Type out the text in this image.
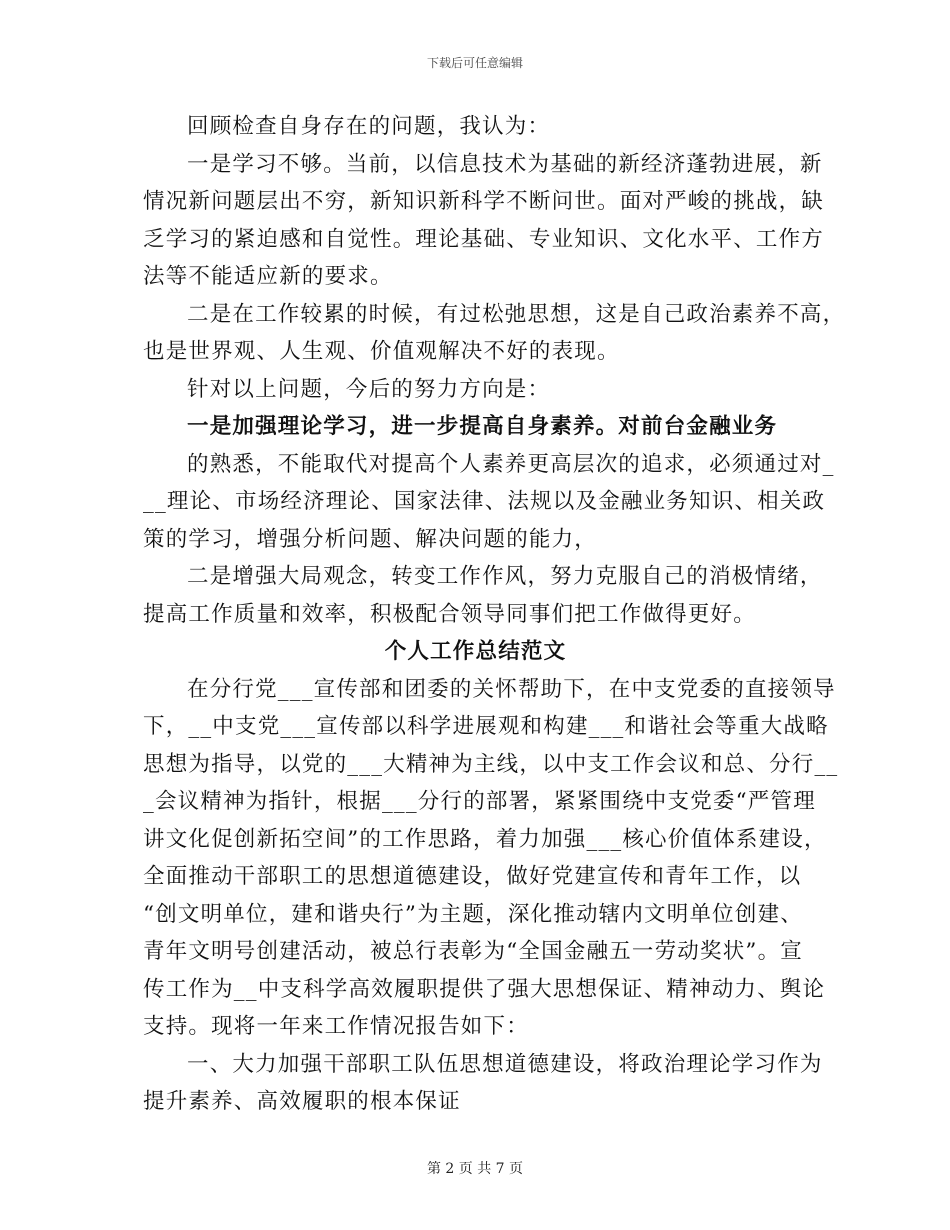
下载后可任意编辑
回顾检查自身存在的问题，我认为：
一是学习不够。当前，以信息技术为基础的新经济蓬勃进展，新
情况新问题层出不穷，新知识新科学不断问世。面对严峻的挑战，缺
乏学习的紧迫感和自觉性。理论基础、专业知识、文化水平、工作方
法等不能适应新的要求。
二是在工作较累的时候，有过松弛思想，这是自己政治素养不高，
也是世界观、人生观、价值观解决不好的表现。
针对以上问题，今后的努力方向是：
一是加强理论学习，进一步提高自身素养。对前台金融业务
的熟悉，不能取代对提高个人素养更高层次的追求，必须通过对_
__理论、市场经济理论、国家法律、法规以及金融业务知识、相关政
策的学习，增强分析问题、解决问题的能力，
二是增强大局观念，转变工作作风，努力克服自己的消极情绪，
提高工作质量和效率，积极配合领导同事们把工作做得更好。
个人工作总结范文
在分行党___宣传部和团委的关怀帮助下，在中支党委的直接领导
下，__中支党___宣传部以科学进展观和构建___和谐社会等重大战略
思想为指导，以党的___大精神为主线，以中支工作会议和总、分行__
_会议精神为指针，根据___分行的部署，紧紧围绕中支党委“严管理
讲文化促创新拓空间”的工作思路，着力加强___核心价值体系建设，
全面推动干部职工的思想道德建设，做好党建宣传和青年工作，以
“创文明单位，建和谐央行”为主题，深化推动辖内文明单位创建、
青年文明号创建活动，被总行表彰为“全国金融五一劳动奖状”。宣
传工作为__中支科学高效履职提供了强大思想保证、精神动力、舆论
支持。现将一年来工作情况报告如下：
一、大力加强干部职工队伍思想道德建设，将政治理论学习作为
提升素养、高效履职的根本保证
第 2 页 共 7 页
